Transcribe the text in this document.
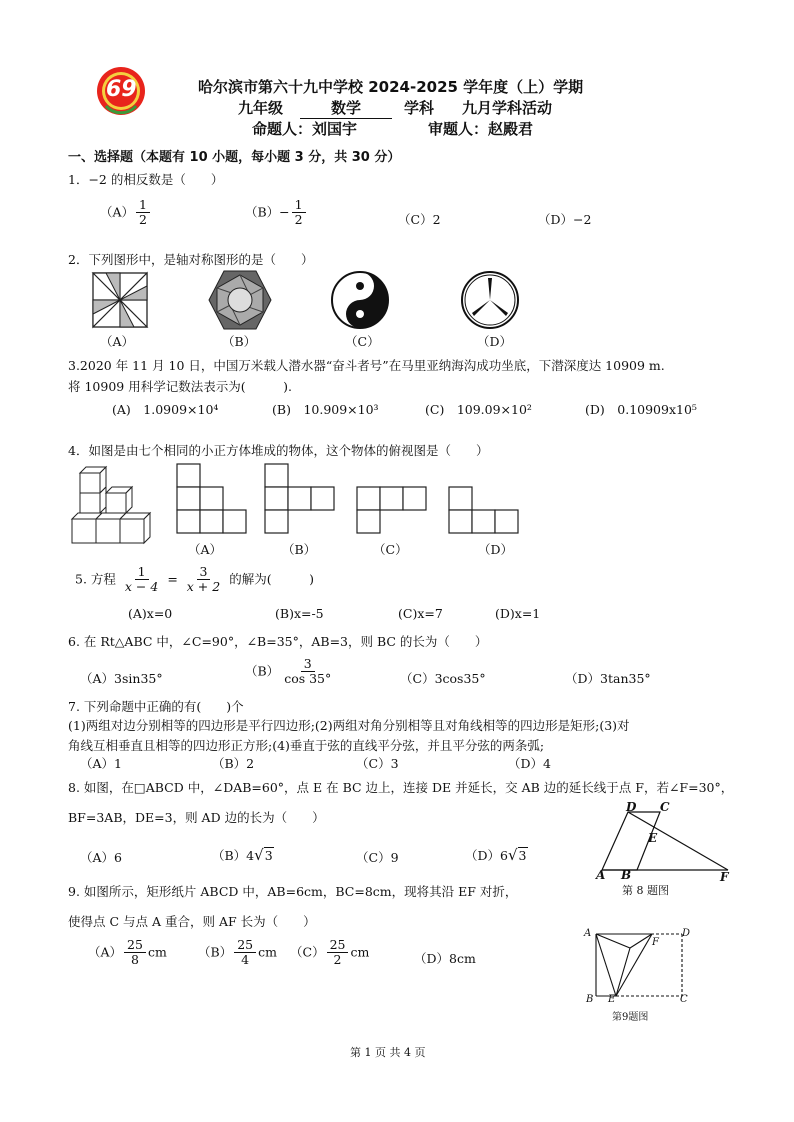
69	哈尔滨市第六十九中学校 2024-2025 学年度（上）学期
九年级	数学	学科 九月学科活动
命题人：刘国宇	审题人：赵殿君
一、选择题（本题有 10 小题，每小题 3 分，共 30 分）
1．−2 的相反数是（　　）
$(A) \frac{1}{2}$	$(B)- \frac{1}{2}$	（C）2	（D）−2
2．下列图形中，是轴对称图形的是（　　）
（A）	（B）	（C）	（D）
3.2020 年 11 月 10 日，中国万米载人潜水器“奋斗者号”在马里亚纳海沟成功坐底，下潜深度达 10909 m.
将 10909 用科学记数法表示为(　　　).
(A)　1.0909×10⁴	(B)　10.909×10³	(C)　109.09×10²	(D)　0.10909x10⁵
4．如图是由七个相同的小正方体堆成的物体，这个物体的俯视图是（　　）
（A）	（B）	（C）	（D）
5. 方程 $\frac{1}{x - 4} = \frac{3}{x + 2}$ 的解为(　　　)
(A)x=0	(B)x=-5	(C)x=7	(D)x=1
6. 在 Rt△ABC 中，∠C=90°，∠B=35°，AB=3，则 BC 的长为（　　）
（A）3sin35°
$(B) \frac{3}{\cos 35^\circ}$	（C）3cos35°	（D）3tan35°
7. 下列命题中正确的有(　　)个
(1)两组对边分别相等的四边形是平行四边形;(2)两组对角分别相等且对角线相等的四边形是矩形;(3)对
角线互相垂直且相等的四边形正方形;(4)垂直于弦的直线平分弦，并且平分弦的两条弧;
（A）1	（B）2	（C）3	（D）4
8. 如图，在□ABCD 中，∠DAB=60°，点 E 在 BC 边上，连接 DE 并延长，交 AB 边的延长线于点 F，若∠F=30°，
BF=3AB，DE=3，则 AD 边的长为（　　）
（A）6	（B）4√3	（C）9	（D）6√3
D C
E
A B	F
第 8 题图
9. 如图所示，矩形纸片 ABCD 中，AB=6cm，BC=8cm，现将其沿 EF 对折，
使得点 C 与点 A 重合，则 AF 长为（　　）
$(A) \frac{25}{8}$ cm $(B) \frac{25}{4}$ cm $(C) \frac{25}{2}$ cm	（D）8cm
A
F
D
B E	C
第9题图
第 1 页 共 4 页
